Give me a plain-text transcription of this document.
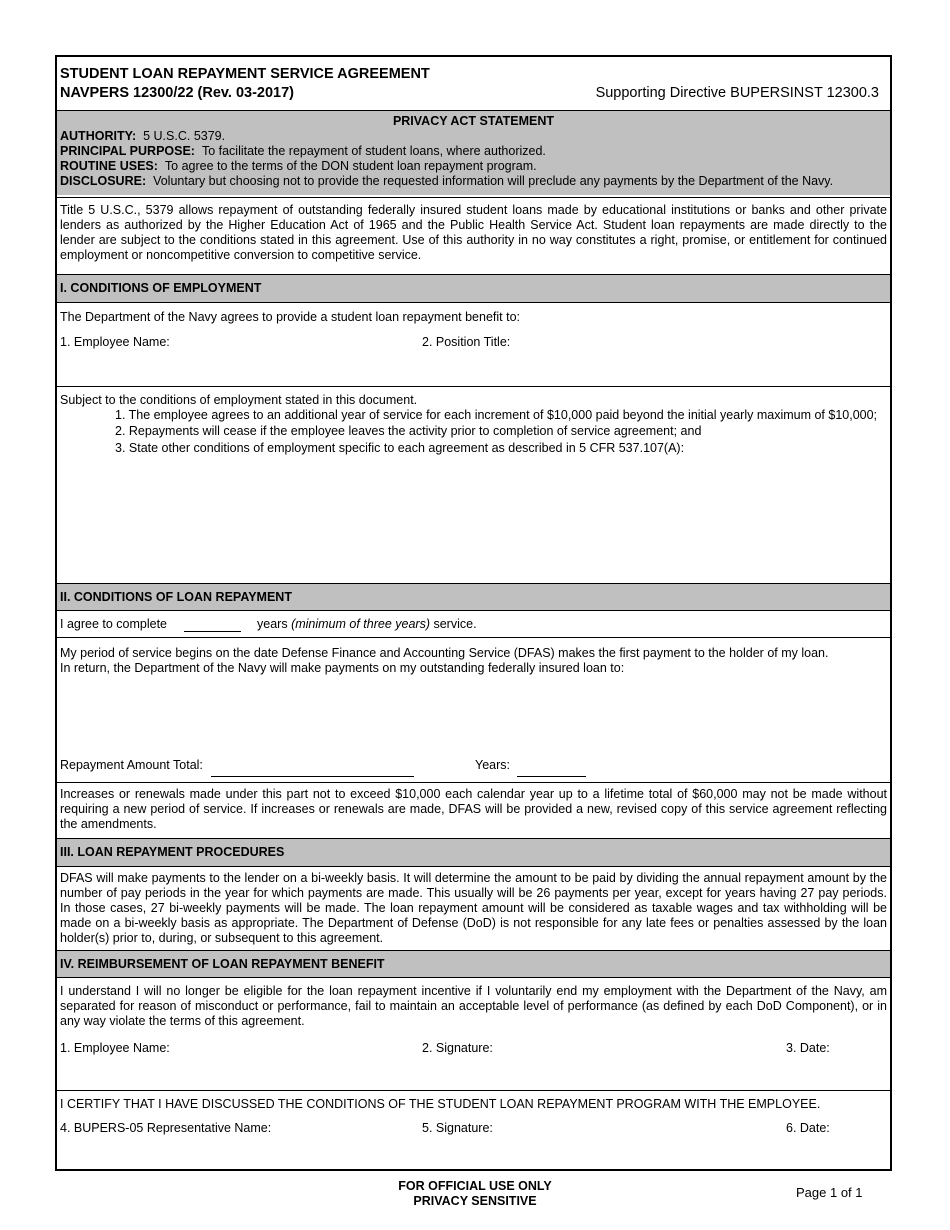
STUDENT LOAN REPAYMENT SERVICE AGREEMENT
NAVPERS 12300/22 (Rev. 03-2017)	Supporting Directive BUPERSINST 12300.3
PRIVACY ACT STATEMENT
AUTHORITY: 5 U.S.C. 5379.
PRINCIPAL PURPOSE: To facilitate the repayment of student loans, where authorized.
ROUTINE USES: To agree to the terms of the DON student loan repayment program.
DISCLOSURE: Voluntary but choosing not to provide the requested information will preclude any payments by the Department of the Navy.
Title 5 U.S.C., 5379 allows repayment of outstanding federally insured student loans made by educational institutions or banks and other private lenders as authorized by the Higher Education Act of 1965 and the Public Health Service Act. Student loan repayments are made directly to the lender are subject to the conditions stated in this agreement. Use of this authority in no way constitutes a right, promise, or entitlement for continued employment or noncompetitive conversion to competitive service.
I. CONDITIONS OF EMPLOYMENT
The Department of the Navy agrees to provide a student loan repayment benefit to:
1. Employee Name:	2. Position Title:
Subject to the conditions of employment stated in this document.
1. The employee agrees to an additional year of service for each increment of $10,000 paid beyond the initial yearly maximum of $10,000;
2. Repayments will cease if the employee leaves the activity prior to completion of service agreement; and
3. State other conditions of employment specific to each agreement as described in 5 CFR 537.107(A):
II. CONDITIONS OF LOAN REPAYMENT
I agree to complete	years (minimum of three years) service.
My period of service begins on the date Defense Finance and Accounting Service (DFAS) makes the first payment to the holder of my loan.
In return, the Department of the Navy will make payments on my outstanding federally insured loan to:
Repayment Amount Total:	Years:
Increases or renewals made under this part not to exceed $10,000 each calendar year up to a lifetime total of $60,000 may not be made without requiring a new period of service. If increases or renewals are made, DFAS will be provided a new, revised copy of this service agreement reflecting the amendments.
III. LOAN REPAYMENT PROCEDURES
DFAS will make payments to the lender on a bi-weekly basis. It will determine the amount to be paid by dividing the annual repayment amount by the number of pay periods in the year for which payments are made. This usually will be 26 payments per year, except for years having 27 pay periods. In those cases, 27 bi-weekly payments will be made. The loan repayment amount will be considered as taxable wages and tax withholding will be made on a bi-weekly basis as appropriate. The Department of Defense (DoD) is not responsible for any late fees or penalties assessed by the loan holder(s) prior to, during, or subsequent to this agreement.
IV. REIMBURSEMENT OF LOAN REPAYMENT BENEFIT
I understand I will no longer be eligible for the loan repayment incentive if I voluntarily end my employment with the Department of the Navy, am separated for reason of misconduct or performance, fail to maintain an acceptable level of performance (as defined by each DoD Component), or in any way violate the terms of this agreement.
1. Employee Name:	2. Signature:	3. Date:
I CERTIFY THAT I HAVE DISCUSSED THE CONDITIONS OF THE STUDENT LOAN REPAYMENT PROGRAM WITH THE EMPLOYEE.
4. BUPERS-05 Representative Name:	5. Signature:	6. Date:
FOR OFFICIAL USE ONLY
PRIVACY SENSITIVE
Page 1 of 1
